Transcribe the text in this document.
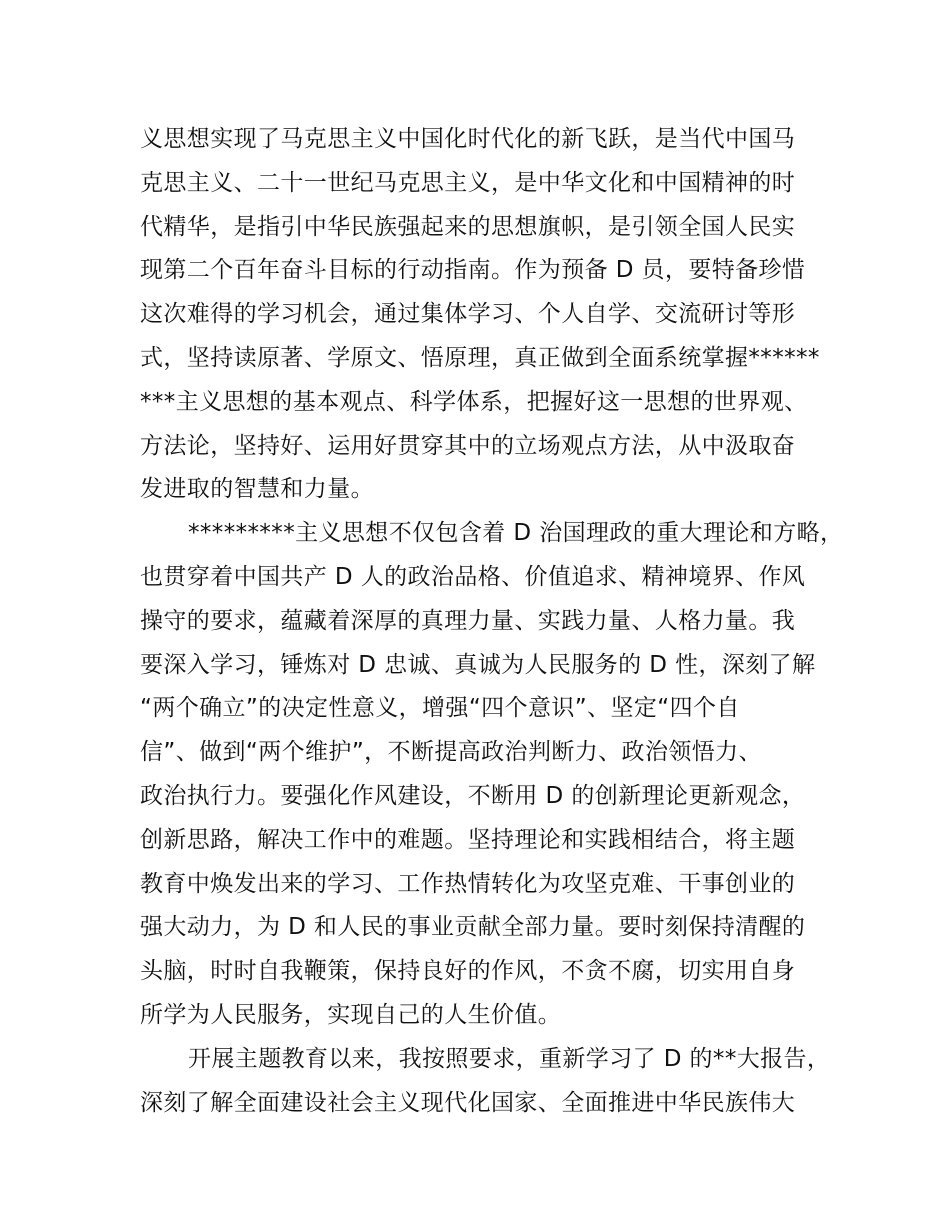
义思想实现了马克思主义中国化时代化的新飞跃，是当代中国马
克思主义、二十一世纪马克思主义，是中华文化和中国精神的时
代精华，是指引中华民族强起来的思想旗帜，是引领全国人民实
现第二个百年奋斗目标的行动指南。作为预备 D 员，要特备珍惜
这次难得的学习机会，通过集体学习、个人自学、交流研讨等形
式，坚持读原著、学原文、悟原理，真正做到全面系统掌握******
***主义思想的基本观点、科学体系，把握好这一思想的世界观、
方法论，坚持好、运用好贯穿其中的立场观点方法，从中汲取奋
发进取的智慧和力量。
*********主义思想不仅包含着 D 治国理政的重大理论和方略，
也贯穿着中国共产 D 人的政治品格、价值追求、精神境界、作风
操守的要求，蕴藏着深厚的真理力量、实践力量、人格力量。我
要深入学习，锤炼对 D 忠诚、真诚为人民服务的 D 性，深刻了解
“两个确立”的决定性意义，增强“四个意识”、坚定“四个自
信”、做到“两个维护”，不断提高政治判断力、政治领悟力、
政治执行力。要强化作风建设，不断用 D 的创新理论更新观念，
创新思路，解决工作中的难题。坚持理论和实践相结合，将主题
教育中焕发出来的学习、工作热情转化为攻坚克难、干事创业的
强大动力，为 D 和人民的事业贡献全部力量。要时刻保持清醒的
头脑，时时自我鞭策，保持良好的作风，不贪不腐，切实用自身
所学为人民服务，实现自己的人生价值。
开展主题教育以来，我按照要求，重新学习了 D 的**大报告，
深刻了解全面建设社会主义现代化国家、全面推进中华民族伟大
